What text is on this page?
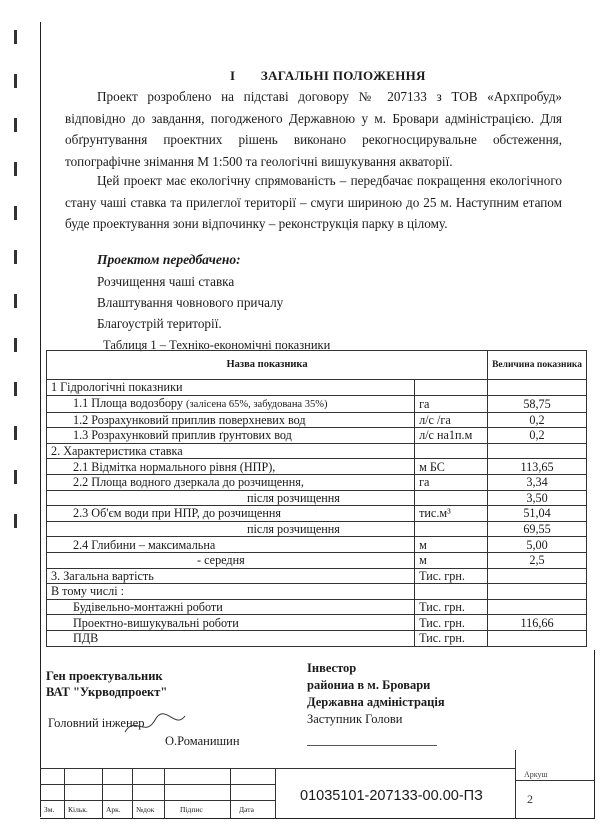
I ЗАГАЛЬНІ ПОЛОЖЕННЯ
Проект розроблено на підставі договору № 207133 з ТОВ «Архпробуд» відповідно до завдання, погодженого Державною у м. Бровари адміністрацією. Для обґрунтування проектних рішень виконано рекогносцирувальне обстеження, топографічне знімання М 1:500 та геологічні вишукування акваторії.
Цей проект має екологічну спрямованість – передбачає покращення екологічного стану чаші ставка та прилеглої території – смуги шириною до 25 м. Наступним етапом буде проектування зони відпочинку – реконструкція парку в цілому.
Проектом передбачено:
Розчищення чаші ставка
Влаштування човнового причалу
Благоустрій території.
Таблиця 1 – Техніко-економічні показники
Назва показника		Величина показника
1 Гідрологічні показники		
1.1 Площа водозбору (залісена 65%, забудована 35%)	га	58,75
1.2 Розрахунковий приплив поверхневих вод	л/с /га	0,2
1.3 Розрахунковий приплив ґрунтових вод	л/с на1п.м	0,2
2. Характеристика ставка		
2.1 Відмітка нормального рівня (НПР),	м БС	113,65
2.2 Площа водного дзеркала до розчищення,	га	3,34
після розчищення		3,50
2.3 Об'єм води при НПР, до розчищення	тис.м³	51,04
після розчищення		69,55
2.4 Глибини – максимальна	м	5,00
- середня	м	2,5
3. Загальна вартість	Тис. грн.	
В тому числі :		
Будівельно-монтажні роботи	Тис. грн.	
Проектно-вишукувальні роботи	Тис. грн.	116,66
ПДВ	Тис. грн.	
Ген проектувальник
ВАТ "Укрводпроект"
Головний інженер
О.Романишин
Інвестор
райониа в м. Бровари
Державна адміністрація
Заступник Голови
Зм. Кільк. Арк. №док	Підпис	Дата
01035101-207133-00.00-ПЗ
Аркуш
2
